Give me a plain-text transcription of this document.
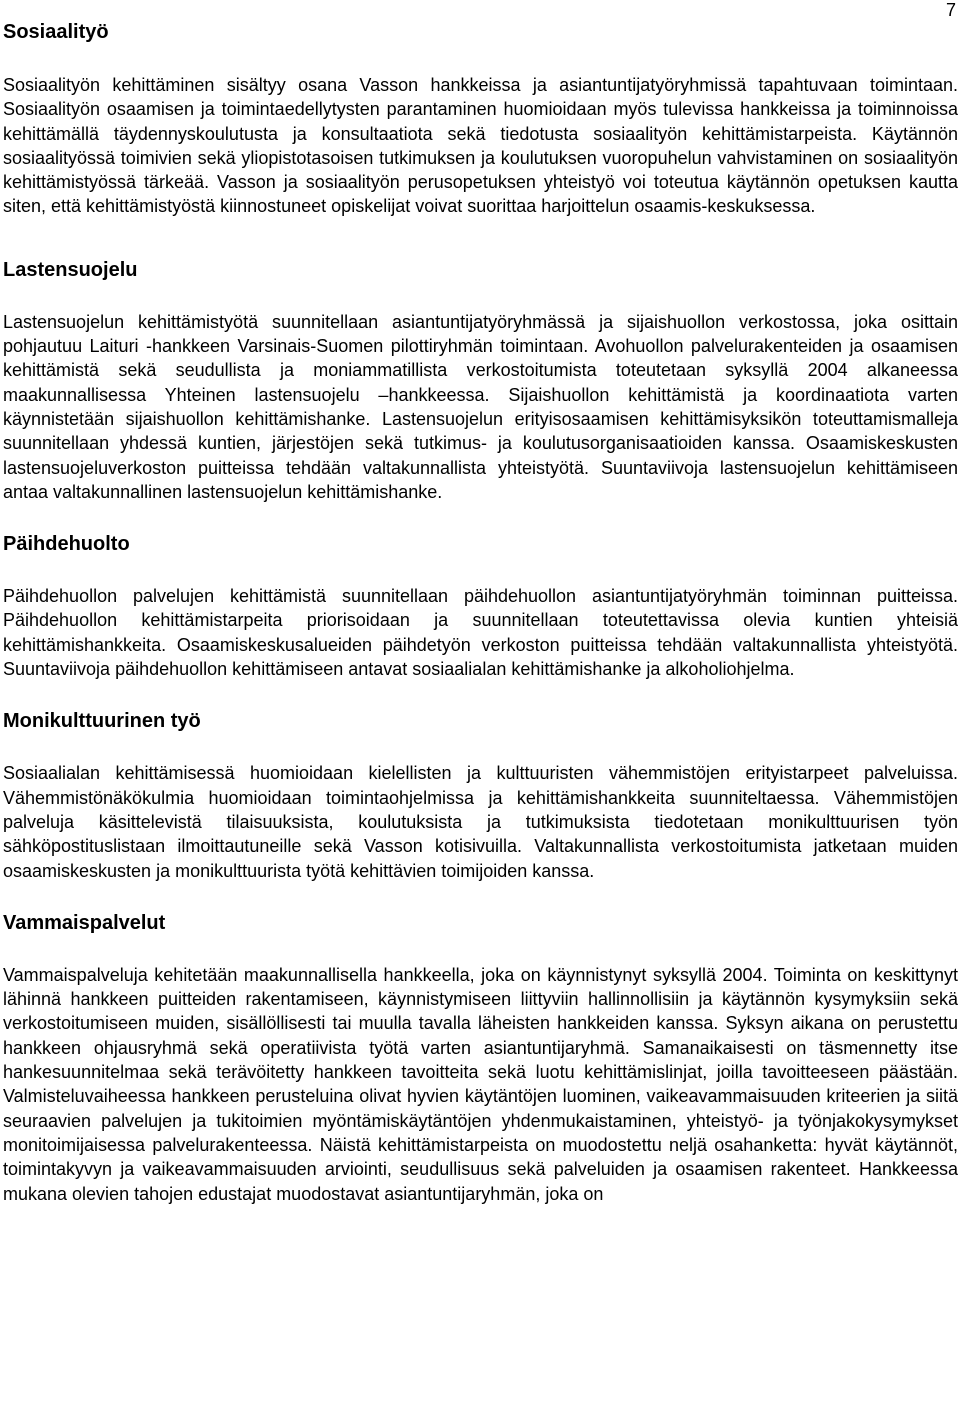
7
Sosiaalityö

Sosiaalityön kehittäminen sisältyy osana Vasson hankkeissa ja asiantuntijatyöryhmissä tapahtuvaan toimintaan. Sosiaalityön osaamisen ja toimintaedellytysten parantaminen huomioidaan myös tulevissa hankkeissa ja toiminnoissa kehittämällä täydennyskoulutusta ja konsultaatiota sekä tiedotusta sosiaalityön kehittämistarpeista. Käytännön sosiaalityössä toimivien sekä yliopistotasoisen tutkimuksen ja koulutuksen vuoropuhelun vahvistaminen on sosiaalityön kehittämistyössä tärkeää. Vasson ja sosiaalityön perusopetuksen yhteistyö voi toteutua käytännön opetuksen kautta siten, että kehittämistyöstä kiinnostuneet opiskelijat voivat suorittaa harjoittelun osaamis-keskuksessa.

Lastensuojelu

Lastensuojelun kehittämistyötä suunnitellaan asiantuntijatyöryhmässä ja sijaishuollon verkostossa, joka osittain pohjautuu Laituri -hankkeen Varsinais-Suomen pilottiryhmän toimintaan. Avohuollon palvelurakenteiden ja osaamisen kehittämistä sekä seudullista ja moniammatillista verkostoitumista toteutetaan syksyllä 2004 alkaneessa maakunnallisessa Yhteinen lastensuojelu –hankkeessa. Sijaishuollon kehittämistä ja koordinaatiota varten käynnistetään sijaishuollon kehittämishanke. Lastensuojelun erityisosaamisen kehittämisyksikön toteuttamismalleja suunnitellaan yhdessä kuntien, järjestöjen sekä tutkimus- ja koulutusorganisaatioiden kanssa. Osaamiskeskusten lastensuojeluverkoston puitteissa tehdään valtakunnallista yhteistyötä. Suuntaviivoja lastensuojelun kehittämiseen antaa valtakunnallinen lastensuojelun kehittämishanke.

Päihdehuolto

Päihdehuollon palvelujen kehittämistä suunnitellaan päihdehuollon asiantuntijatyöryhmän toiminnan puitteissa. Päihdehuollon kehittämistarpeita priorisoidaan ja suunnitellaan toteutettavissa olevia kuntien yhteisiä kehittämishankkeita. Osaamiskeskusalueiden päihdetyön verkoston puitteissa tehdään valtakunnallista yhteistyötä. Suuntaviivoja päihdehuollon kehittämiseen antavat sosiaalialan kehittämishanke ja alkoholiohjelma.

Monikulttuurinen työ

Sosiaalialan kehittämisessä huomioidaan kielellisten ja kulttuuristen vähemmistöjen erityistarpeet palveluissa. Vähemmistönäkökulmia huomioidaan toimintaohjelmissa ja kehittämishankkeita suunniteltaessa. Vähemmistöjen palveluja käsittelevistä tilaisuuksista, koulutuksista ja tutkimuksista tiedotetaan monikulttuurisen työn sähköpostituslistaan ilmoittautuneille sekä Vasson kotisivuilla. Valtakunnallista verkostoitumista jatketaan muiden osaamiskeskusten ja monikulttuurista työtä kehittävien toimijoiden kanssa.

Vammaispalvelut

Vammaispalveluja kehitetään maakunnallisella hankkeella, joka on käynnistynyt syksyllä 2004. Toiminta on keskittynyt lähinnä hankkeen puitteiden rakentamiseen, käynnistymiseen liittyviin hallinnollisiin ja käytännön kysymyksiin sekä verkostoitumiseen muiden, sisällöllisesti tai muulla tavalla läheisten hankkeiden kanssa. Syksyn aikana on perustettu hankkeen ohjausryhmä sekä operatiivista työtä varten asiantuntijaryhmä. Samanaikaisesti on täsmennetty itse hankesuunnitelmaa sekä terävöitetty hankkeen tavoitteita sekä luotu kehittämislinjat, joilla tavoitteeseen päästään. Valmisteluvaiheessa hankkeen perusteluina olivat hyvien käytäntöjen luominen, vaikeavammaisuuden kriteerien ja siitä seuraavien palvelujen ja tukitoimien myöntämiskäytäntöjen yhdenmukaistaminen, yhteistyö- ja työnjakokysymykset monitoimijaisessa palvelurakenteessa. Näistä kehittämistarpeista on muodostettu neljä osahanketta: hyvät käytännöt, toimintakyvyn ja vaikeavammaisuuden arviointi, seudullisuus sekä palveluiden ja osaamisen rakenteet. Hankkeessa mukana olevien tahojen edustajat muodostavat asiantuntijaryhmän, joka on
